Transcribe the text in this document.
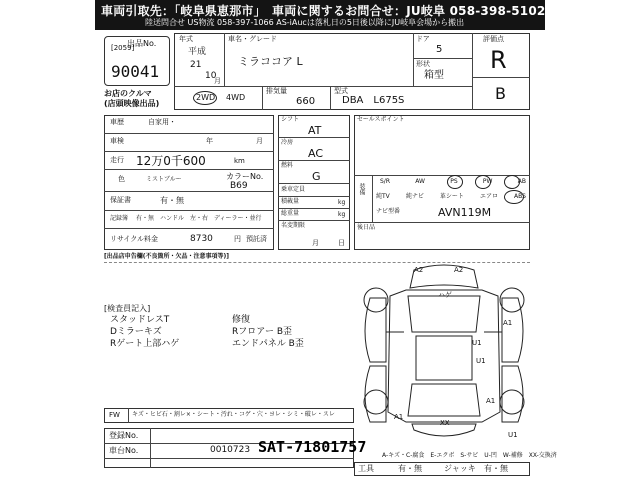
車両引取先：「岐阜県恵那市」　車両に関するお問合せ：JU岐阜 058-398-5102
陸送問合せ US物流 058-397-1066 AS-iAucは落札日の5日後以降にJU岐阜会場から搬出
出品No.
[2059]
90041
お店のクルマ
(店頭映像出品)
年式
平成
21
10
月
車名・グレード
ミラココア L
ドア
5
形状
箱型
評価点
R
B
2WD 4WD
排気量
660
型式
DBA　L675S
車歴	自家用・
車検	年	月
走行 12万0千600	km
色	ミストブルー	カラーNo.
B69
保証書	有・無
記録簿 有・無　ハンドル　左・右　ディーラー・並行
リサイクル料金	8730	円 預託済
シフト
AT
冷房
AC
燃料
G
乗車定員
積載量	kg
総重量	kg
名変期限
月	日
セールスポイント
装備
S/R	AW	PS	PW	AB
純TV	純ナビ	革シート	エアロ	ABS
ナビ型番	AVN119M
後日品
[出品店申告欄(不良箇所・欠品・注意事項等)]
[検査員記入]
スタッドレスT
Dミラーキズ
Rゲート上部ハゲ
修復
Rフロアー B歪
エンドパネル B歪
A2	A2
ハゲ
A1
U1
U1
A1
A1
XX
U1
FW キズ・ヒビ石・割レ×・シート・汚れ・コゲ・穴・ヨレ・シミ・破レ・スレ
登録No.
車台No.	0010723
工具	有・無	ジャッキ 有・無
A-キズ・C-腐食　E-エクボ　S-サビ　U-凹　W-補修　XX-交換済
SAT-71801757
